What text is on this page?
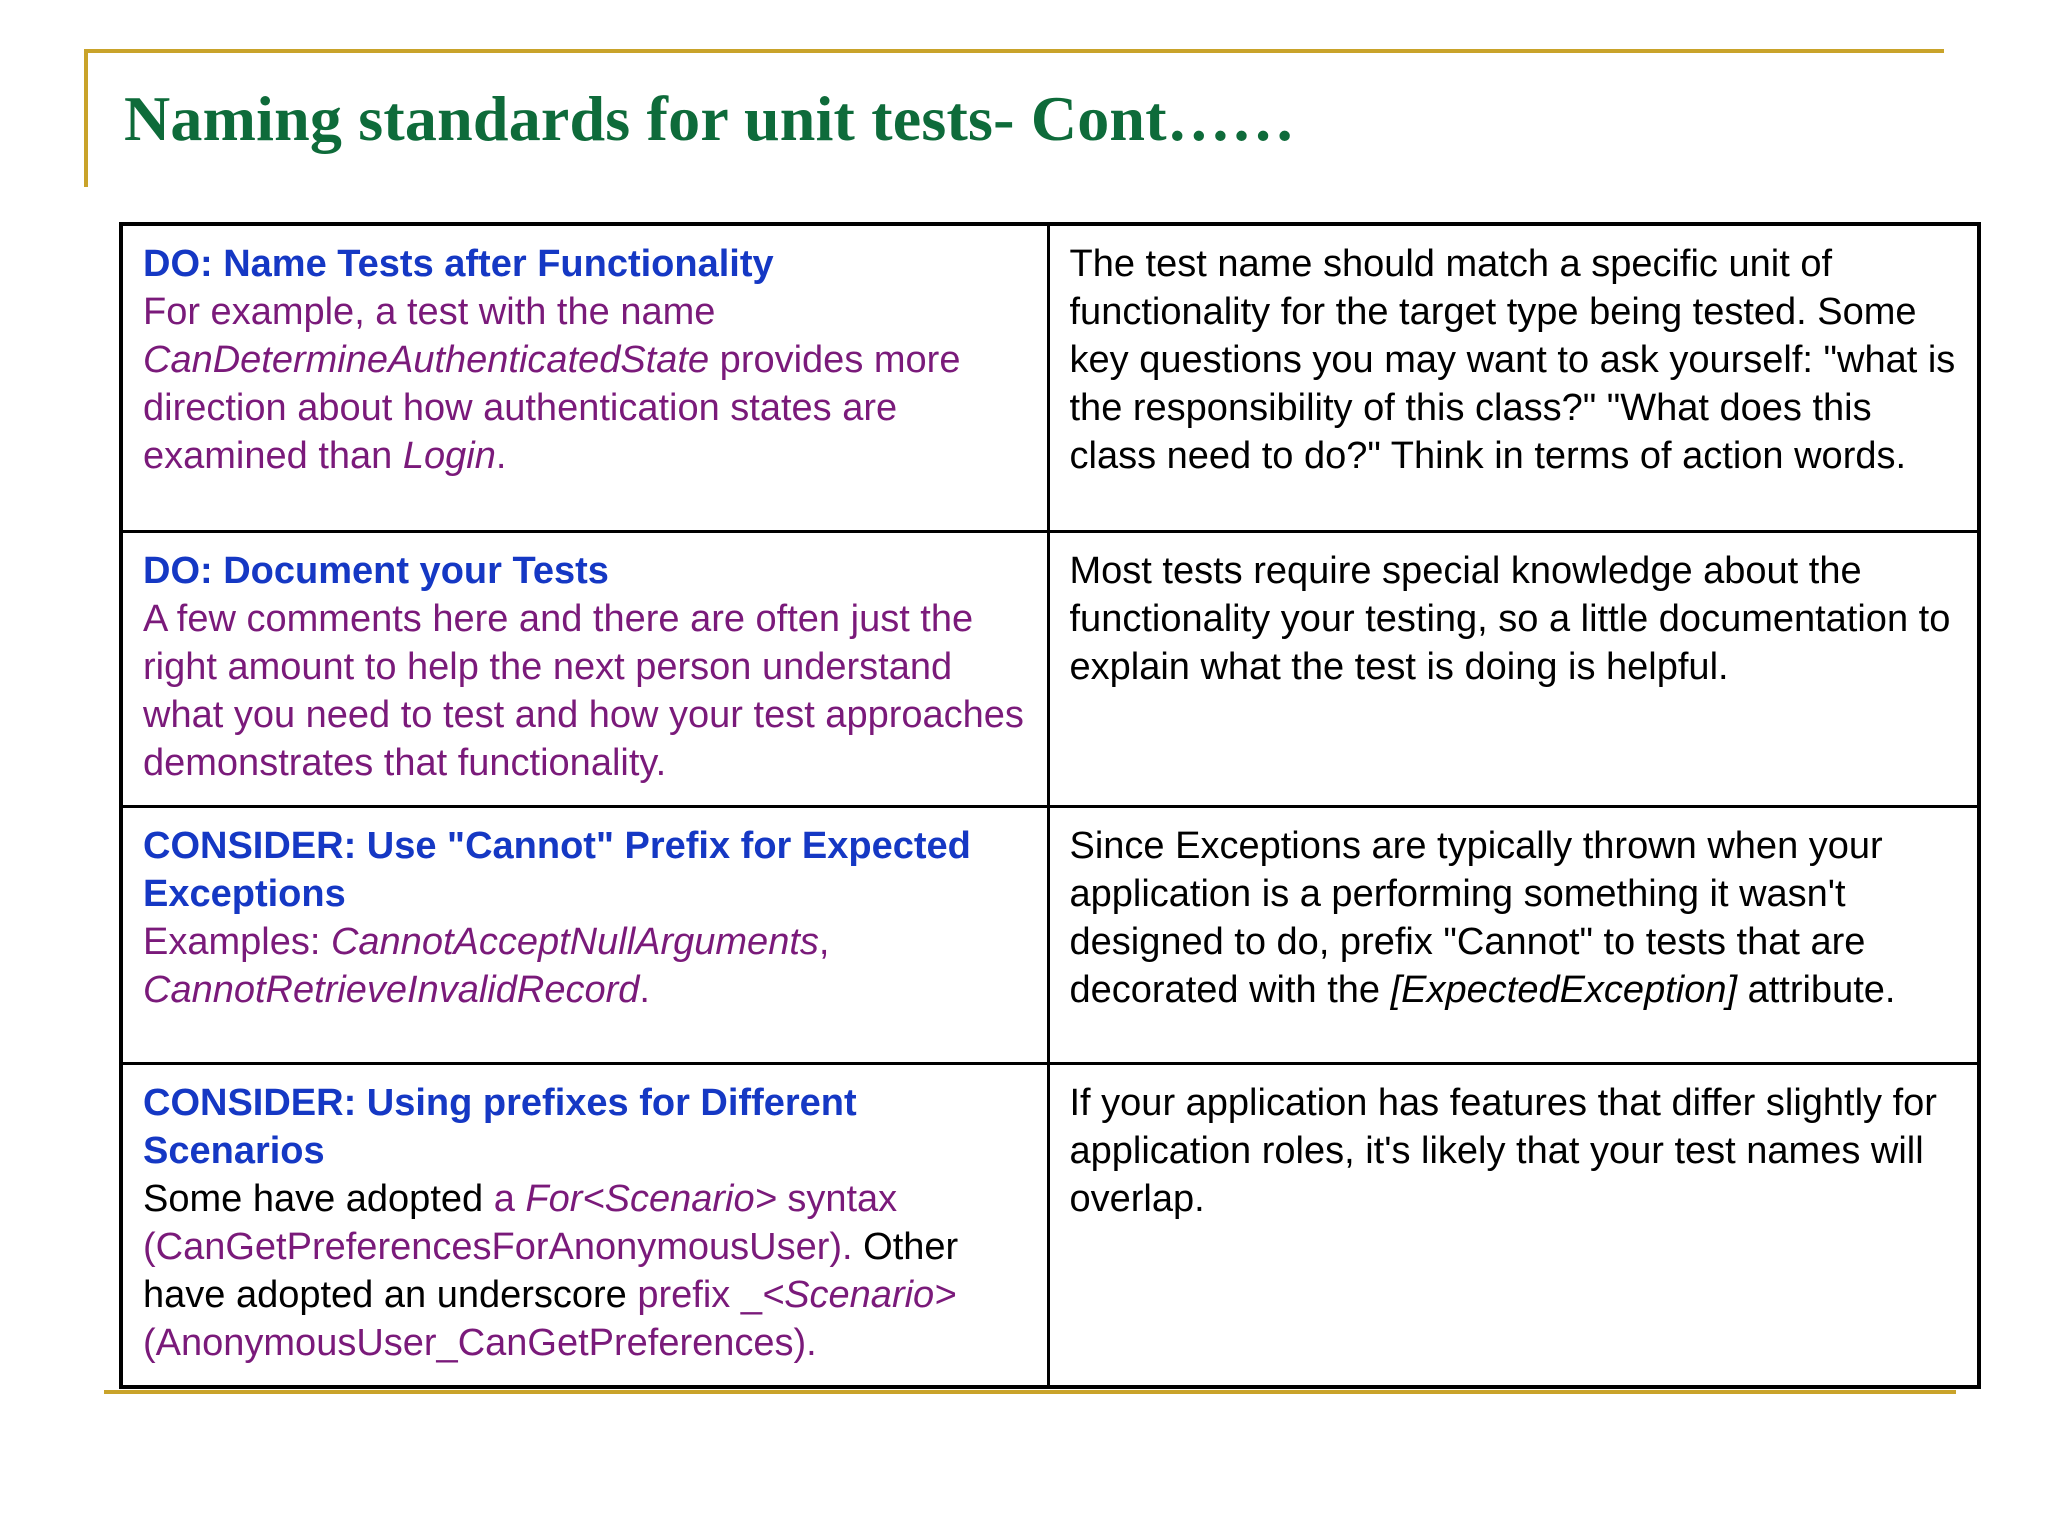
Naming standards for unit tests- Cont……
DO: Name Tests after Functionality
For example, a test with the name CanDetermineAuthenticatedState provides more direction about how authentication states are examined than Login.	The test name should match a specific unit of functionality for the target type being tested. Some key questions you may want to ask yourself: "what is the responsibility of this class?" "What does this class need to do?" Think in terms of action words.

DO: Document your Tests
A few comments here and there are often just the right amount to help the next person understand what you need to test and how your test approaches demonstrates that functionality.	Most tests require special knowledge about the functionality your testing, so a little documentation to explain what the test is doing is helpful.

CONSIDER: Use "Cannot" Prefix for Expected Exceptions
Examples: CannotAcceptNullArguments, CannotRetrieveInvalidRecord.	Since Exceptions are typically thrown when your application is a performing something it wasn't designed to do, prefix "Cannot" to tests that are decorated with the [ExpectedException] attribute.

CONSIDER: Using prefixes for Different Scenarios
Some have adopted a For<Scenario> syntax (CanGetPreferencesForAnonymousUser). Other have adopted an underscore prefix _<Scenario> (AnonymousUser_CanGetPreferences).	If your application has features that differ slightly for application roles, it's likely that your test names will overlap.
